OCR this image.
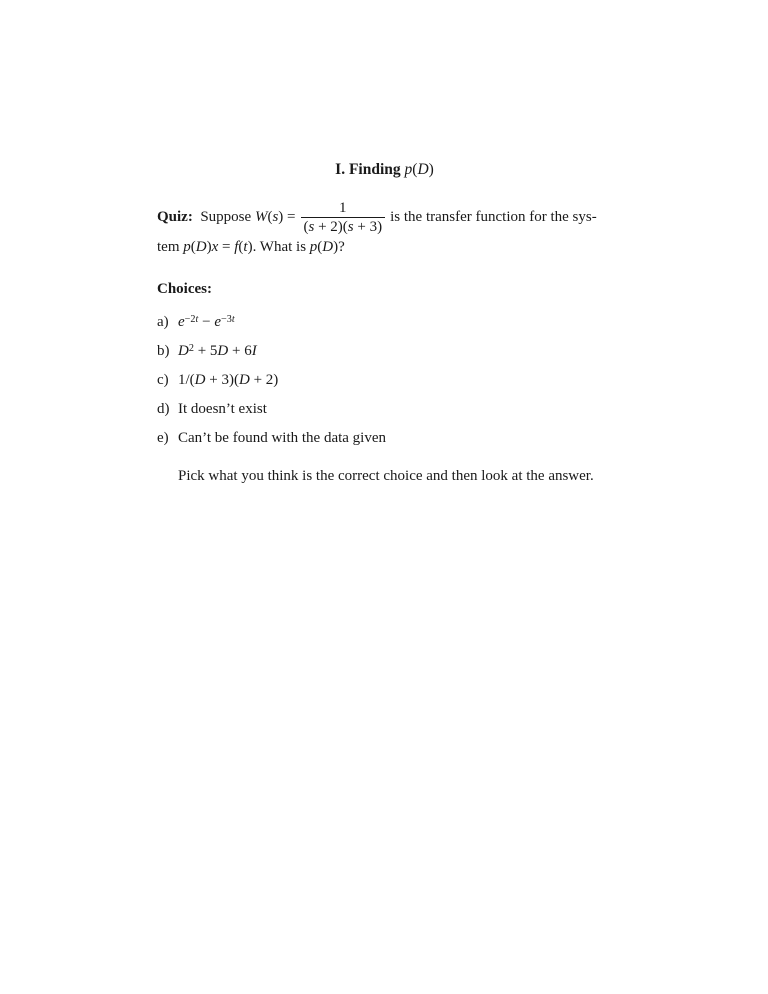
I. Finding p(D)
Quiz: Suppose $W(s) = \frac{1}{(s + 2)(s + 3)}$ is the transfer function for the sys-
tem p(D)x = f(t). What is p(D)?
Choices:
a) $e^{-2t} - e^{-3t}$
b) $D^2 + 5D + 6I$
c) 1/(D + 3)(D + 2)
d) It doesn’t exist
e) Can’t be found with the data given
Pick what you think is the correct choice and then look at the answer.
